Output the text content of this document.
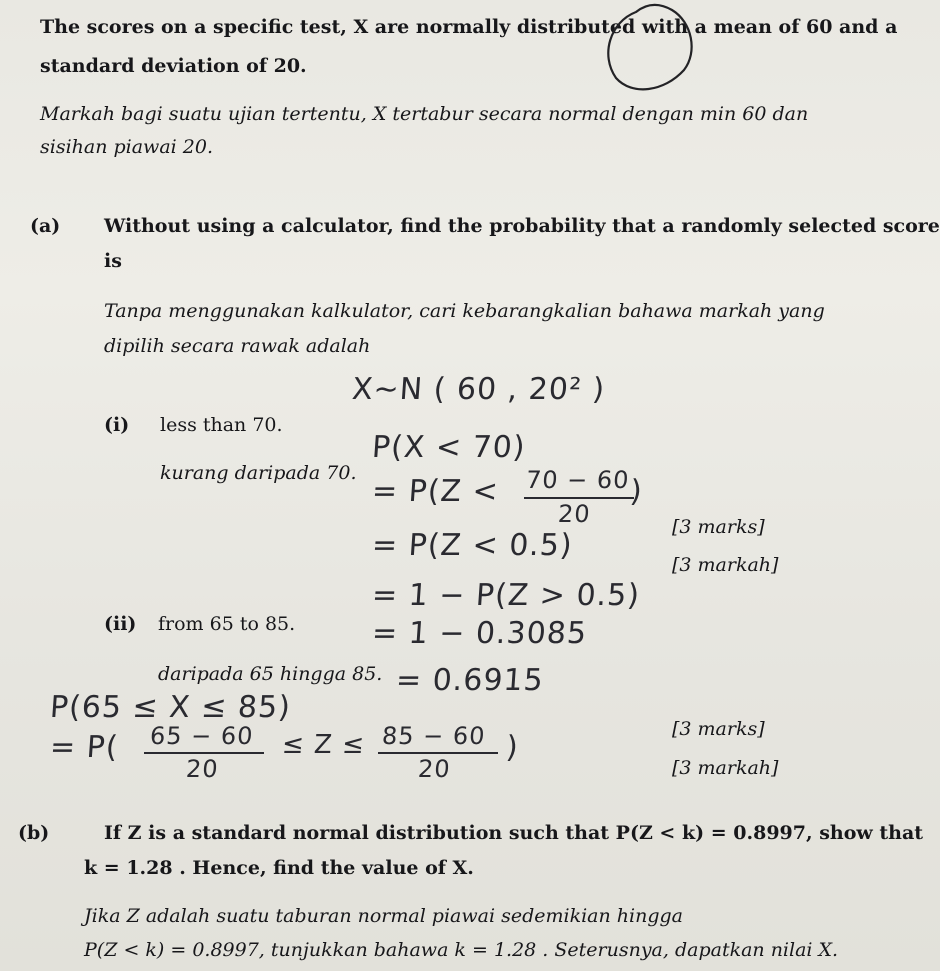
The scores on a specific test, X are normally distributed with a mean of 60 and a
standard deviation of 20.
Markah bagi suatu ujian tertentu, X tertabur secara normal dengan min 60 dan
sisihan piawai 20.
(a) Without using a calculator, find the probability that a randomly selected score
is
Tanpa menggunakan kalkulator, cari kebarangkalian bahawa markah yang
dipilih secara rawak adalah
(i) less than 70.
kurang daripada 70.
[3 marks]
[3 markah]
(ii) from 65 to 85.
daripada 65 hingga 85.
[3 marks]
[3 markah]
(b)	If Z is a standard normal distribution such that P(Z < k) = 0.8997, show that
k = 1.28 . Hence, find the value of X.
Jika Z adalah suatu taburan normal piawai sedemikian hingga
P(Z < k) = 0.8997, tunjukkan bahawa k = 1.28 . Seterusnya, dapatkan nilai X.
X~N ( 60 , 20² )
P(X < 70)
= P(Z < 70 − 60
20
)
= P(Z < 0.5)
= 1 − P(Z > 0.5)
= 1 − 0.3085
= 0.6915
P(65 ≤ X ≤ 85)
= P( 65 − 60
20
≤ Z ≤ 85 − 60
20
)
